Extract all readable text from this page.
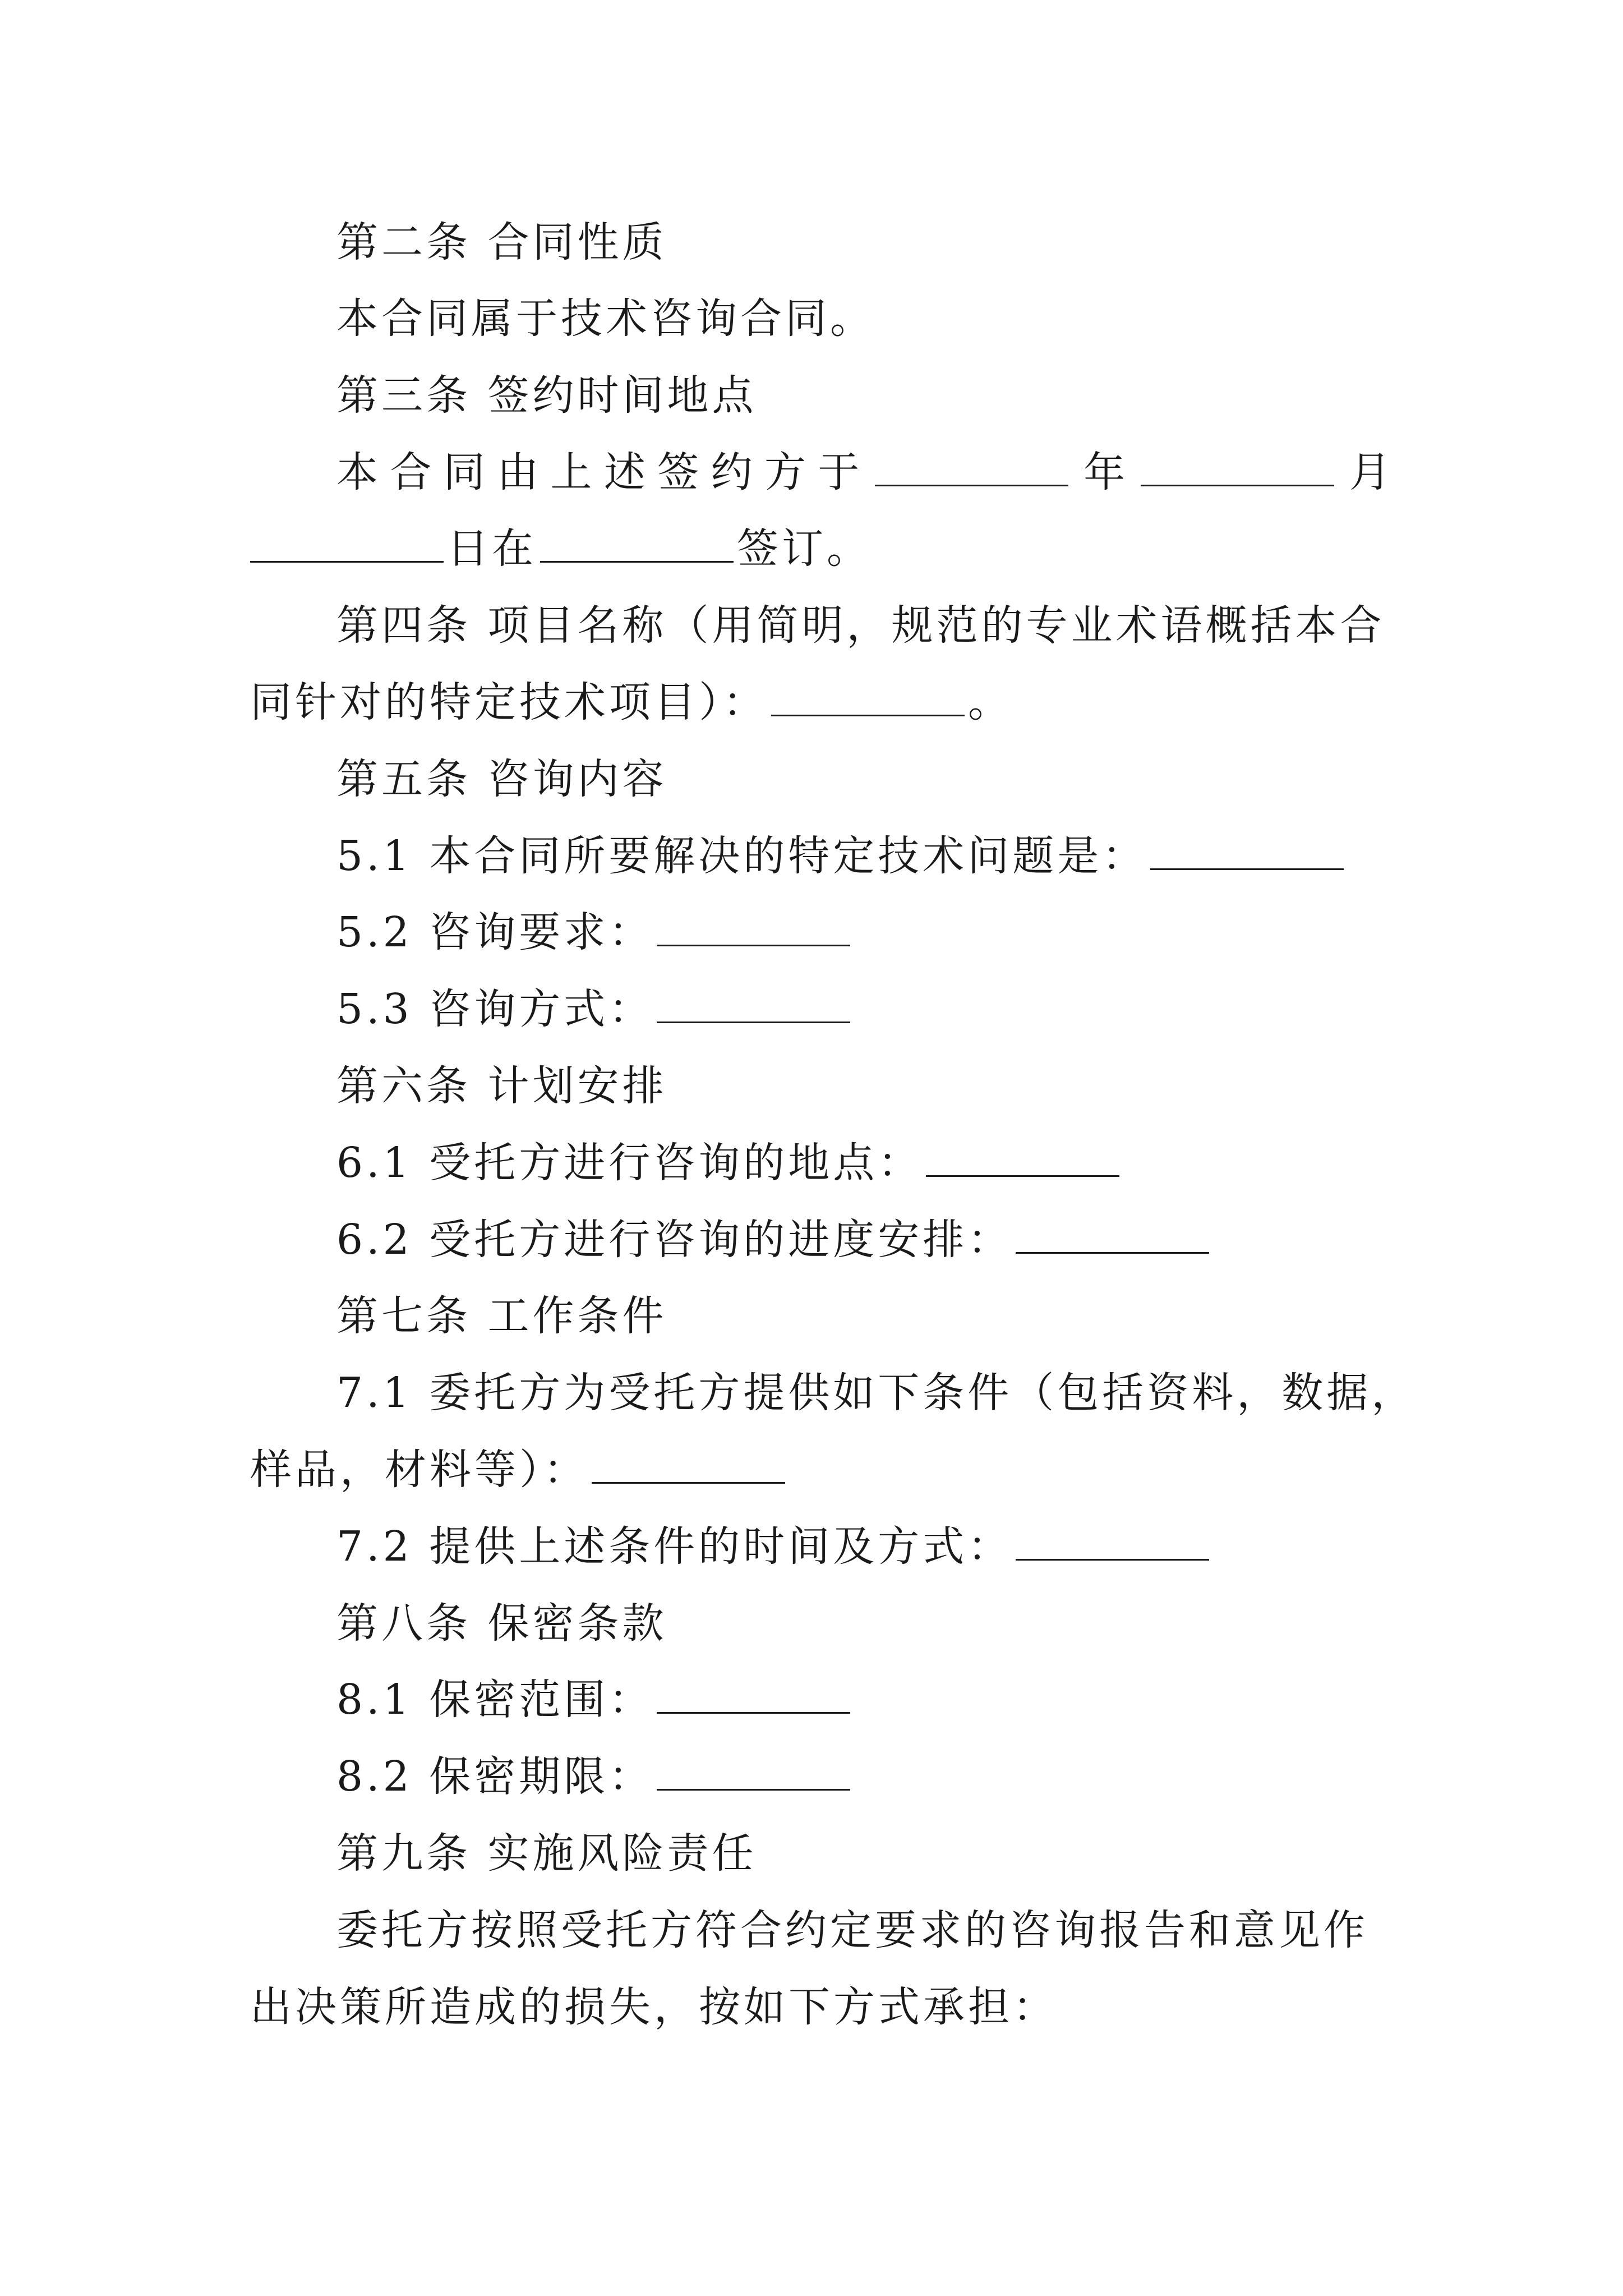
第二条 合同性质
本合同属于技术咨询合同。
第三条 签约时间地点
本 合 同 由 上 述 签 约 方 于	年	月
日在	签订。
第四条 项目名称（用简明，规范的专业术语概括本合
同针对的特定技术项目）：	。
第五条 咨询内容
5.1 本合同所要解决的特定技术问题是：
5.2 咨询要求：
5.3 咨询方式：
第六条 计划安排
6.1 受托方进行咨询的地点：
6.2 受托方进行咨询的进度安排：
第七条 工作条件
7.1 委托方为受托方提供如下条件（包括资料，数据，
样品，材料等）：
7.2 提供上述条件的时间及方式：
第八条 保密条款
8.1 保密范围：
8.2 保密期限：
第九条 实施风险责任
委托方按照受托方符合约定要求的咨询报告和意见作
出决策所造成的损失，按如下方式承担：
